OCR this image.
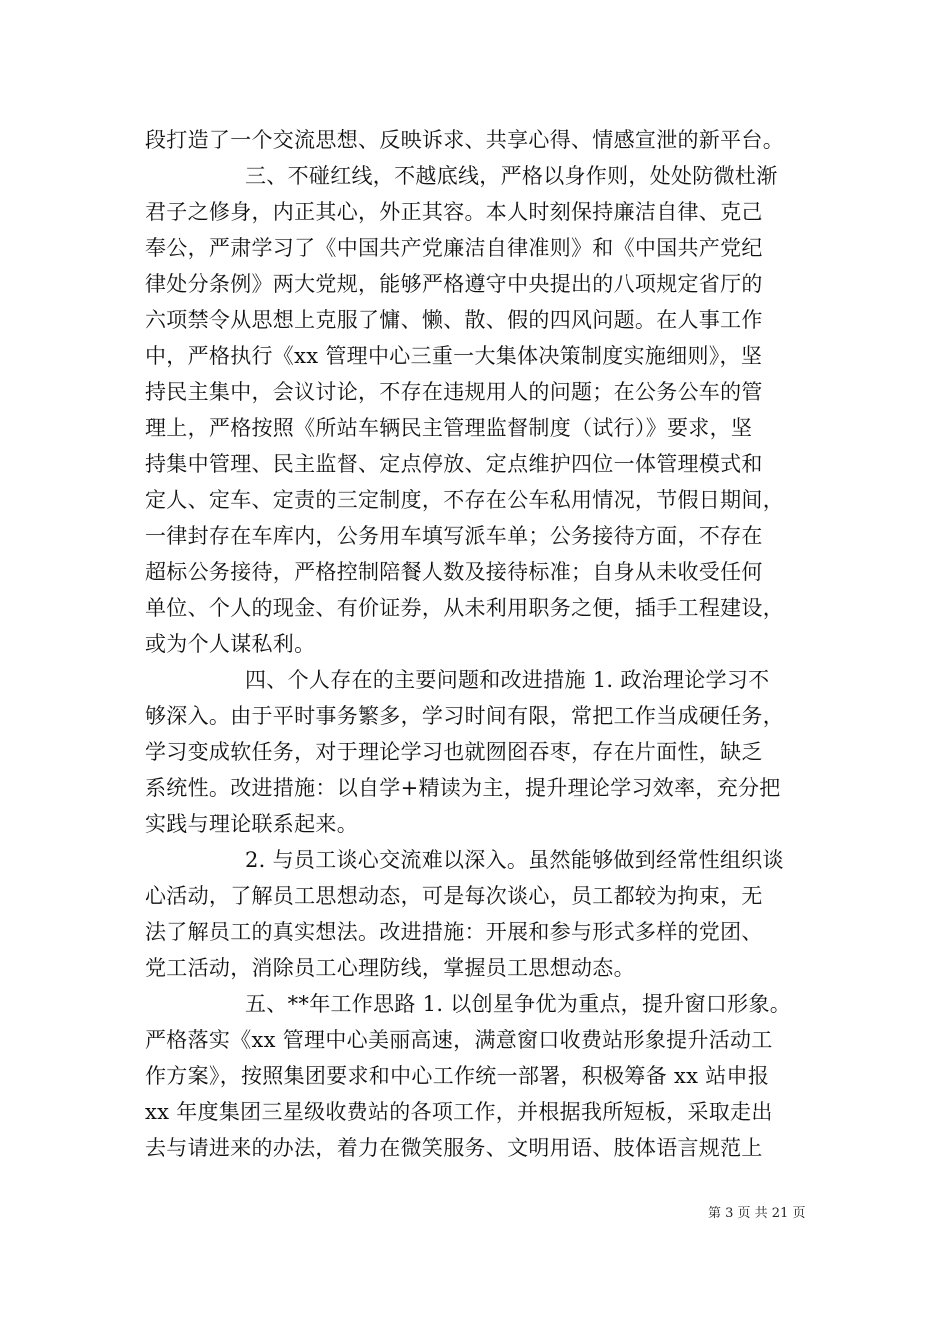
段打造了一个交流思想、反映诉求、共享心得、情感宣泄的新平台。
三、不碰红线，不越底线，严格以身作则，处处防微杜渐
君子之修身，内正其心，外正其容。本人时刻保持廉洁自律、克己
奉公，严肃学习了《中国共产党廉洁自律准则》和《中国共产党纪
律处分条例》两大党规，能够严格遵守中央提出的八项规定省厅的
六项禁令从思想上克服了慵、懒、散、假的四风问题。在人事工作
中，严格执行《xx 管理中心三重一大集体决策制度实施细则》，坚
持民主集中，会议讨论，不存在违规用人的问题；在公务公车的管
理上，严格按照《所站车辆民主管理监督制度（试行）》要求，坚
持集中管理、民主监督、定点停放、定点维护四位一体管理模式和
定人、定车、定责的三定制度，不存在公车私用情况，节假日期间，
一律封存在车库内，公务用车填写派车单；公务接待方面，不存在
超标公务接待，严格控制陪餐人数及接待标准；自身从未收受任何
单位、个人的现金、有价证券，从未利用职务之便，插手工程建设，
或为个人谋私利。
四、个人存在的主要问题和改进措施 1. 政治理论学习不
够深入。由于平时事务繁多，学习时间有限，常把工作当成硬任务，
学习变成软任务，对于理论学习也就囫囵吞枣，存在片面性，缺乏
系统性。改进措施：以自学+精读为主，提升理论学习效率，充分把
实践与理论联系起来。
2. 与员工谈心交流难以深入。虽然能够做到经常性组织谈
心活动，了解员工思想动态，可是每次谈心，员工都较为拘束，无
法了解员工的真实想法。改进措施：开展和参与形式多样的党团、
党工活动，消除员工心理防线，掌握员工思想动态。
五、**年工作思路 1. 以创星争优为重点，提升窗口形象。
严格落实《xx 管理中心美丽高速，满意窗口收费站形象提升活动工
作方案》，按照集团要求和中心工作统一部署，积极筹备 xx 站申报
xx 年度集团三星级收费站的各项工作，并根据我所短板，采取走出
去与请进来的办法，着力在微笑服务、文明用语、肢体语言规范上
第 3 页 共 21 页
